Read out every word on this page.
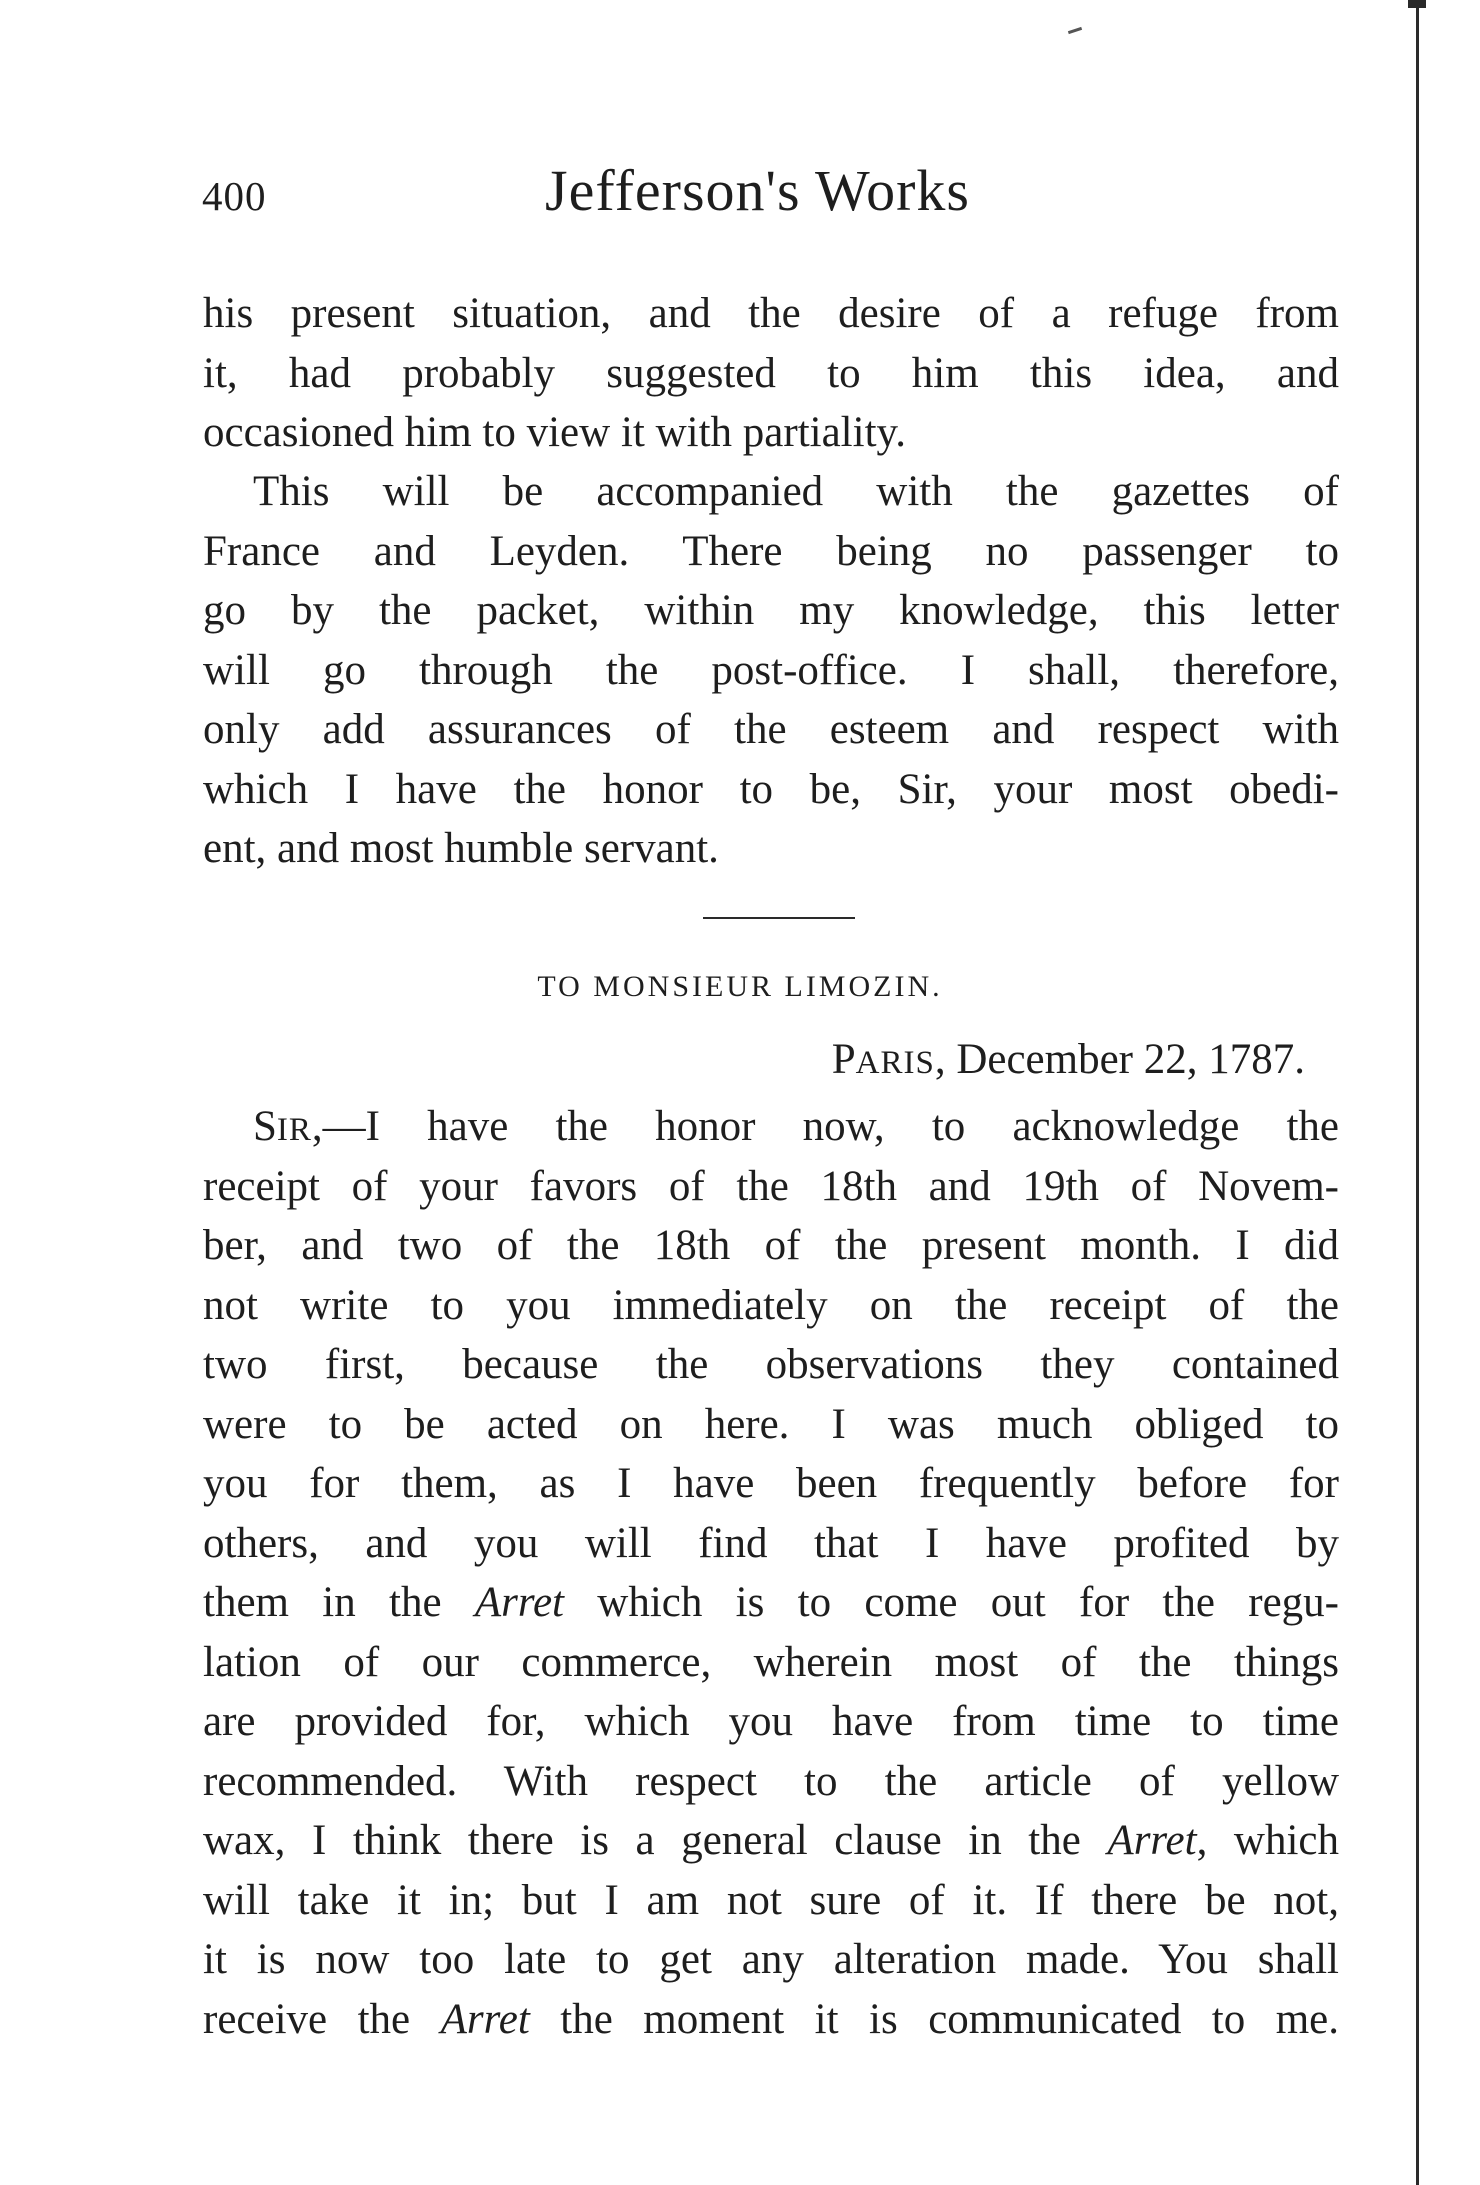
400	Jefferson's Works
his present situation, and the desire of a refuge from
it, had probably suggested to him this idea, and
occasioned him to view it with partiality.
This will be accompanied with the gazettes of
France and Leyden. There being no passenger to
go by the packet, within my knowledge, this letter
will go through the post-office. I shall, therefore,
only add assurances of the esteem and respect with
which I have the honor to be, Sir, your most obedi-
ent, and most humble servant.
TO MONSIEUR LIMOZIN.
PARIS, December 22, 1787.
SIR,—I have the honor now, to acknowledge the
receipt of your favors of the 18th and 19th of Novem-
ber, and two of the 18th of the present month. I did
not write to you immediately on the receipt of the
two first, because the observations they contained
were to be acted on here. I was much obliged to
you for them, as I have been frequently before for
others, and you will find that I have profited by
them in the Arret which is to come out for the regu-
lation of our commerce, wherein most of the things
are provided for, which you have from time to time
recommended. With respect to the article of yellow
wax, I think there is a general clause in the Arret, which
will take it in; but I am not sure of it. If there be not,
it is now too late to get any alteration made. You shall
receive the Arret the moment it is communicated to me.
